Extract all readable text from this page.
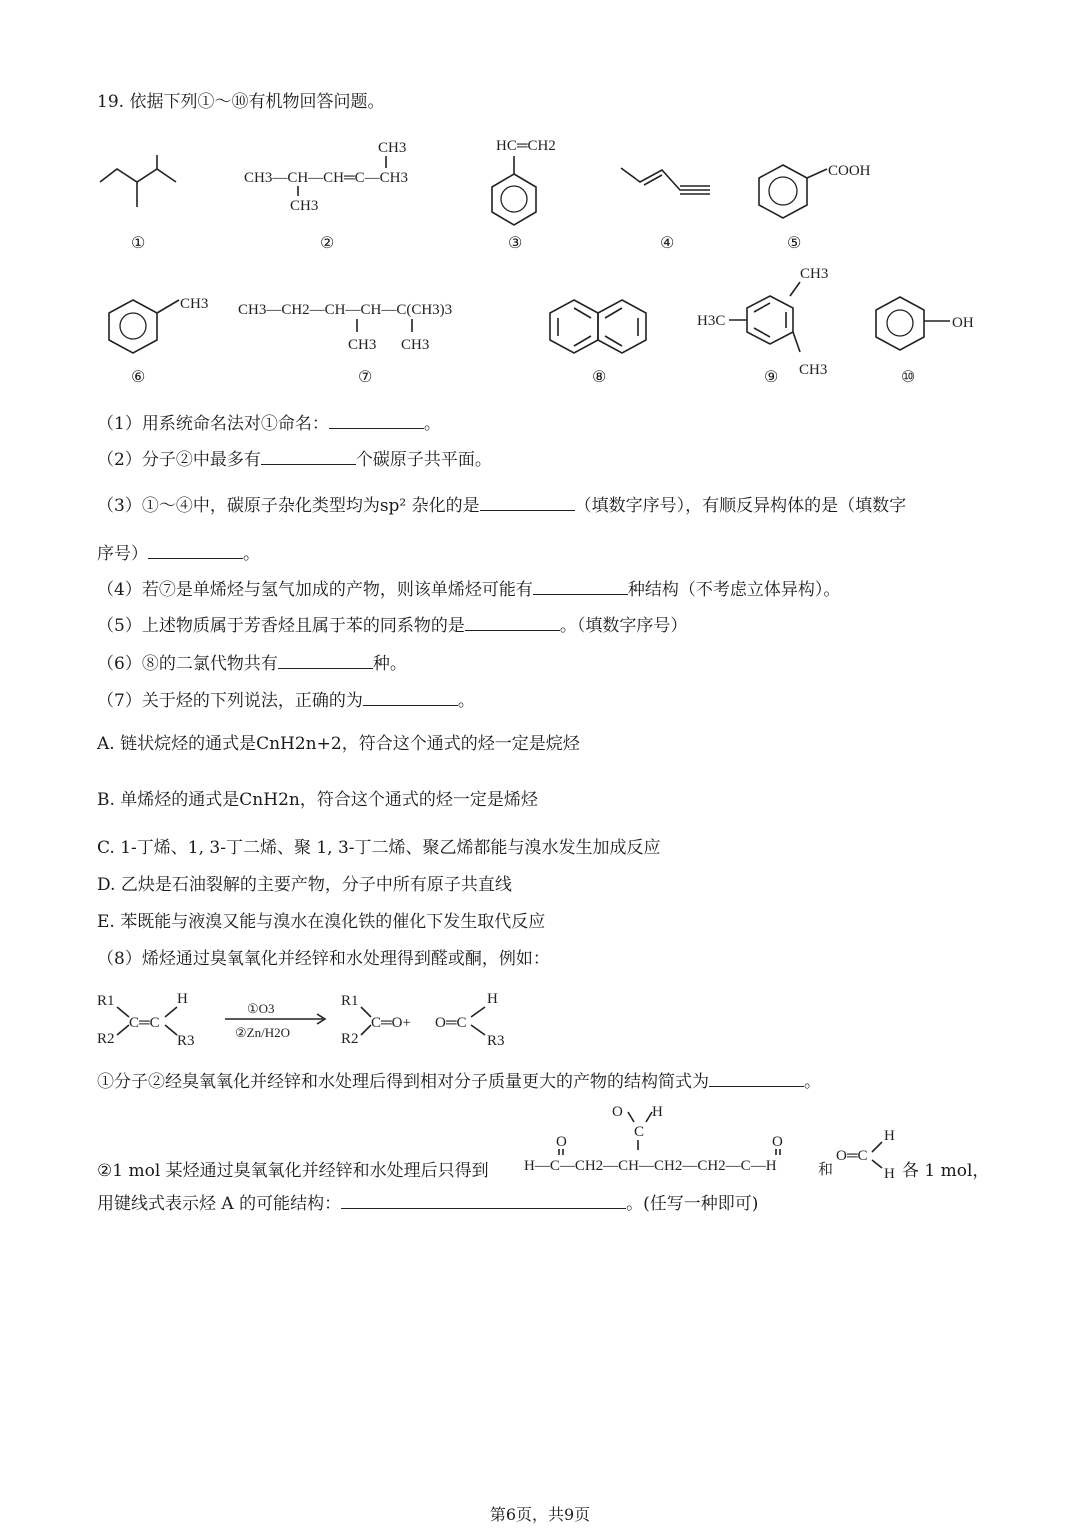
19. 依据下列①～⑩有机物回答问题。
CH3
CH3—CH—CH═C—CH3
CH3
HC═CH2
COOH
①	②	③	④	⑤
CH3 CH3—CH2—CH—CH—C(CH3)3
CH3 CH3
CH3
H3C
CH3
OH
⑥	⑦	⑧	⑨	⑩
（1）用系统命名法对①命名：	。
（2）分子②中最多有	个碳原子共平面。
（3）①～④中，碳原子杂化类型均为sp² 杂化的是	（填数字序号），有顺反异构体的是（填数字
序号）	。
（4）若⑦是单烯烃与氢气加成的产物，则该单烯烃可能有	种结构（不考虑立体异构）。
（5）上述物质属于芳香烃且属于苯的同系物的是	。（填数字序号）
（6）⑧的二氯代物共有	种。
（7）关于烃的下列说法，正确的为	。
A. 链状烷烃的通式是CnH2n+2，符合这个通式的烃一定是烷烃
B. 单烯烃的通式是CnH2n，符合这个通式的烃一定是烯烃
C. 1-丁烯、1, 3-丁二烯、聚 1, 3-丁二烯、聚乙烯都能与溴水发生加成反应
D. 乙炔是石油裂解的主要产物，分子中所有原子共直线
E. 苯既能与液溴又能与溴水在溴化铁的催化下发生取代反应
（8）烯烃通过臭氧氧化并经锌和水处理得到醛或酮，例如：
R1
R2
C═C
H
R3
①O3
②Zn/H2O
R1
R2
C═O+ O═C
H
R3
①分子②经臭氧氧化并经锌和水处理后得到相对分子质量更大的产物的结构简式为	。
②1 mol 某烃通过臭氧氧化并经锌和水处理后只得到
O H
C
O	O
H—C—CH2—CH—CH2—CH2—C—H	和
O═C
H
H 各 1 mol，
用键线式表示烃 A 的可能结构：	。(任写一种即可)
第6页，共9页
